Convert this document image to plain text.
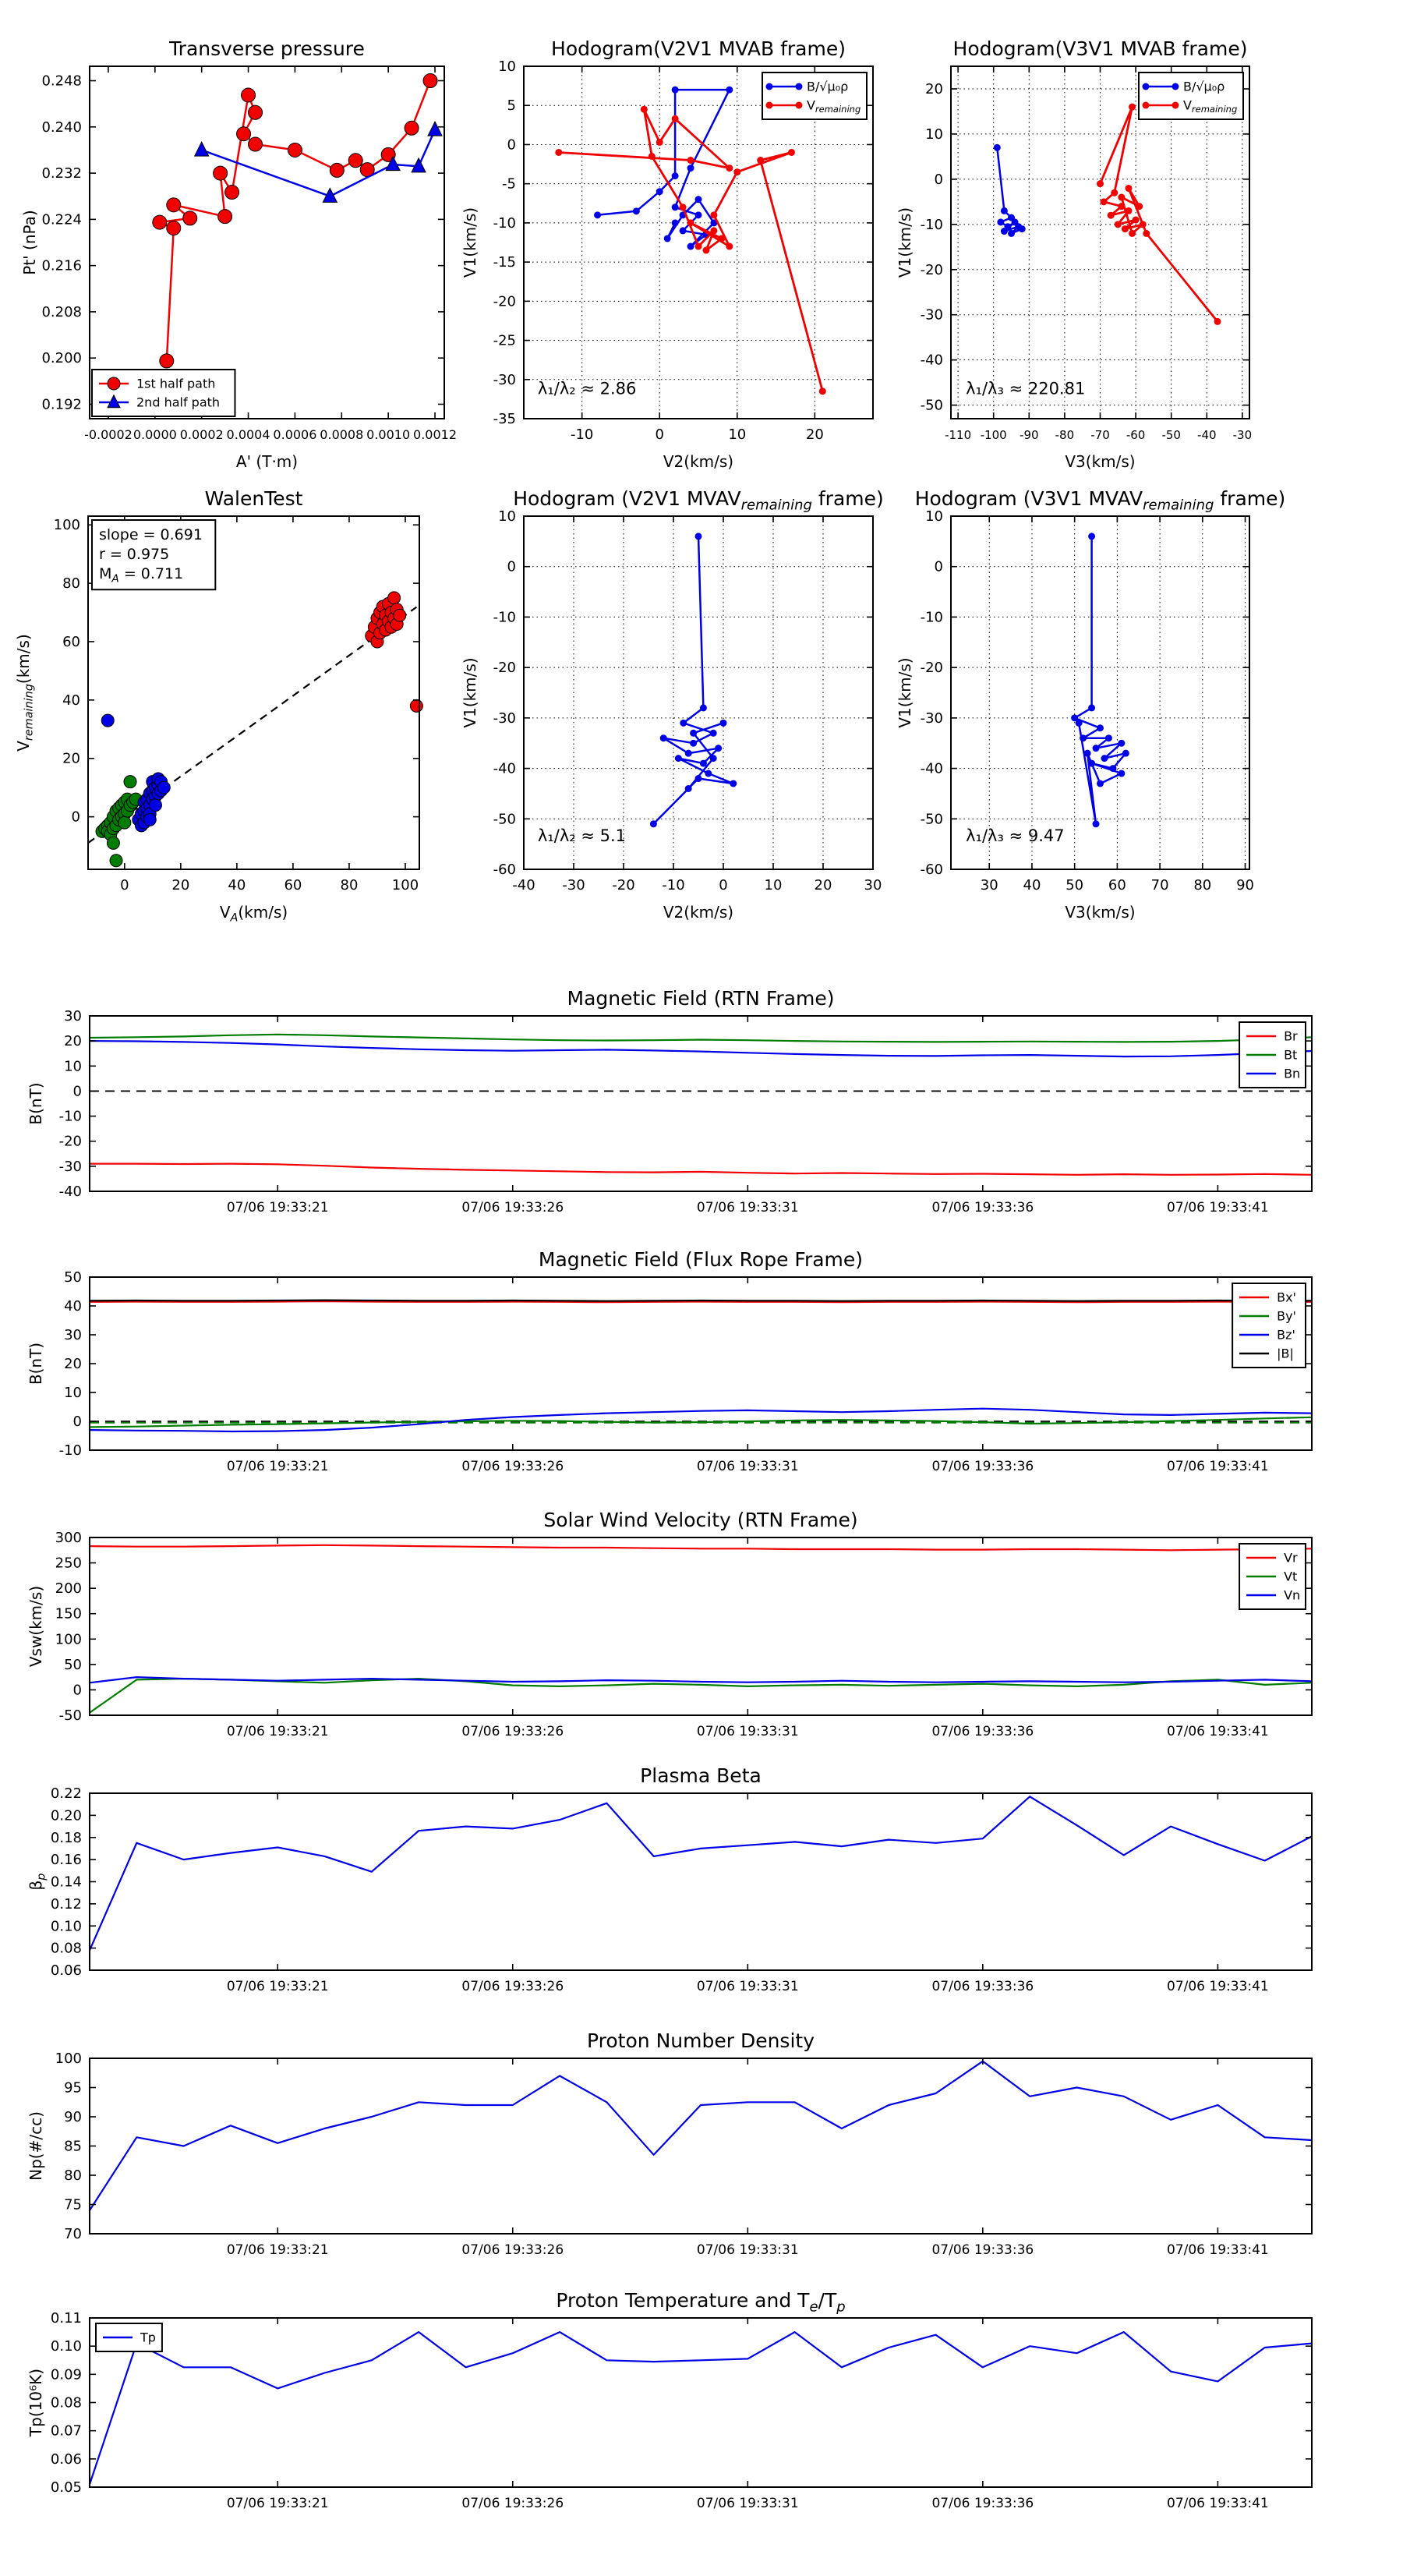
-0.0002 0.0000 0.0002 0.0004 0.0006 0.0008 0.0010 0.0012
0.248
0.240
0.232
0.224
0.216
0.208
0.200
0.192
Transverse pressure
A' (T·m)
Pt' (nPa)
1st half path
2nd half path
-10	0	10	20
10
5
0
-5
-10
-15
-20
-25
-30
-35
Hodogram(V2V1 MVAB frame)
V2(km/s)
V1(km/s)
λ₁/λ₂ ≈ 2.86
B/√μ₀ρ
$V_{remaining}$
-110 -100 -90 -80 -70 -60 -50 -40 -30
20
10
0
-10
-20
-30
-40
-50
Hodogram(V3V1 MVAB frame)
V3(km/s)
V1(km/s)
λ₁/λ₃ ≈ 220.81
B/√μ₀ρ
$V_{remaining}$
0	20	40	60	80 100
100
80
60
40
20
0
WalenTest
$V_A(km/s)$
$V_{remaining}(km/s)$
slope = 0.691
r = 0.975
$M_A = 0.711$
-40 -30 -20 -10 0	10 20 30
10
0
-10
-20
-30
-40
-50
-60
Hodogram (V2V1 $MVAV_{remaining}$ frame)
V2(km/s)
V1(km/s)
λ₁/λ₂ ≈ 5.1
30 40 50 60 70 80 90
10
0
-10
-20
-30
-40
-50
-60
Hodogram (V3V1 $MVAV_{remaining}$ frame)
V3(km/s)
V1(km/s)
λ₁/λ₃ ≈ 9.47
07/06 19:33:21	07/06 19:33:26	07/06 19:33:31	07/06 19:33:36	07/06 19:33:41
30
20
10
0
-10
-20
-30
-40
Magnetic Field (RTN Frame)
B(nT)
Br
Bt
Bn
07/06 19:33:21	07/06 19:33:26	07/06 19:33:31	07/06 19:33:36	07/06 19:33:41
50
40
30
20
10
0
-10
Magnetic Field (Flux Rope Frame)
B(nT)
Bx'
By'
Bz'
|B|
07/06 19:33:21	07/06 19:33:26	07/06 19:33:31	07/06 19:33:36	07/06 19:33:41
300
250
200
150
100
50
0
-50
Solar Wind Velocity (RTN Frame)
Vsw(km/s)
Vr
Vt
Vn
07/06 19:33:21	07/06 19:33:26	07/06 19:33:31	07/06 19:33:36	07/06 19:33:41
0.22
0.20
0.18
0.16
0.14
0.12
0.10
0.08
0.06
Plasma Beta
$\beta_p$
07/06 19:33:21	07/06 19:33:26	07/06 19:33:31	07/06 19:33:36	07/06 19:33:41
100
95
90
85
80
75
70
Proton Number Density
Np(#/cc)
07/06 19:33:21	07/06 19:33:26	07/06 19:33:31	07/06 19:33:36	07/06 19:33:41
0.11
0.10
0.09
0.08
0.07
0.06
0.05
Proton Temperature and $T_e/T_p$
Tp(10⁶K)
Tp
